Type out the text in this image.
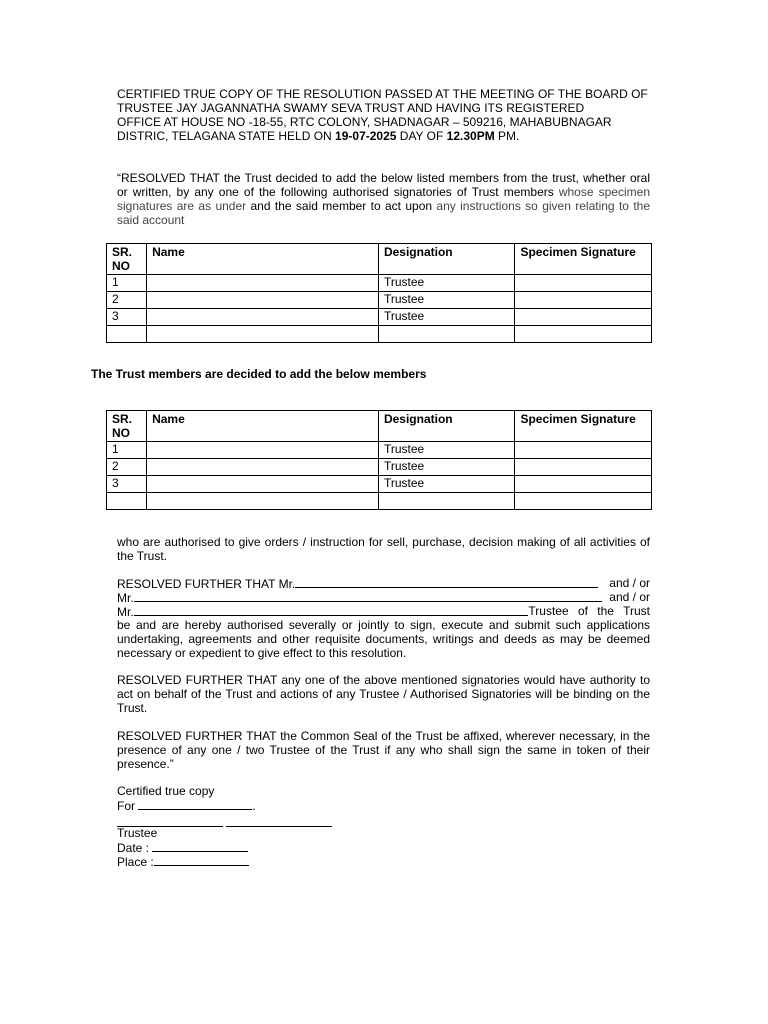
CERTIFIED TRUE COPY OF THE RESOLUTION PASSED AT THE MEETING OF THE BOARD OF
TRUSTEE JAY JAGANNATHA SWAMY SEVA TRUST AND HAVING ITS REGISTERED
OFFICE AT HOUSE NO -18-55, RTC COLONY, SHADNAGAR – 509216, MAHABUBNAGAR
DISTRIC, TELAGANA STATE HELD ON 19-07-2025 DAY OF 12.30PM PM.
“RESOLVED THAT the Trust decided to add the below listed members from the trust, whether oral or written, by any one of the following authorised signatories of Trust members whose specimen signatures are as under and the said member to act upon any instructions so given relating to the said account
SR. NO	Name	Designation	Specimen Signature
1		Trustee	
2		Trustee	
3		Trustee	

The Trust members are decided to add the below members
SR. NO	Name	Designation	Specimen Signature
1		Trustee	
2		Trustee	
3		Trustee	

who are authorised to give orders / instruction for sell, purchase, decision making of all activities of the Trust.
RESOLVED FURTHER THAT Mr.	and / or
Mr.	and / or
Mr.	Trustee of the Trust
be and are hereby authorised severally or jointly to sign, execute and submit such applications undertaking, agreements and other requisite documents, writings and deeds as may be deemed necessary or expedient to give effect to this resolution.
RESOLVED FURTHER THAT any one of the above mentioned signatories would have authority to act on behalf of the Trust and actions of any Trustee / Authorised Signatories will be binding on the Trust.
RESOLVED FURTHER THAT the Common Seal of the Trust be affixed, wherever necessary, in the presence of any one / two Trustee of the Trust if any who shall sign the same in token of their presence.”
Certified true copy
For	.
Trustee
Date :
Place :
